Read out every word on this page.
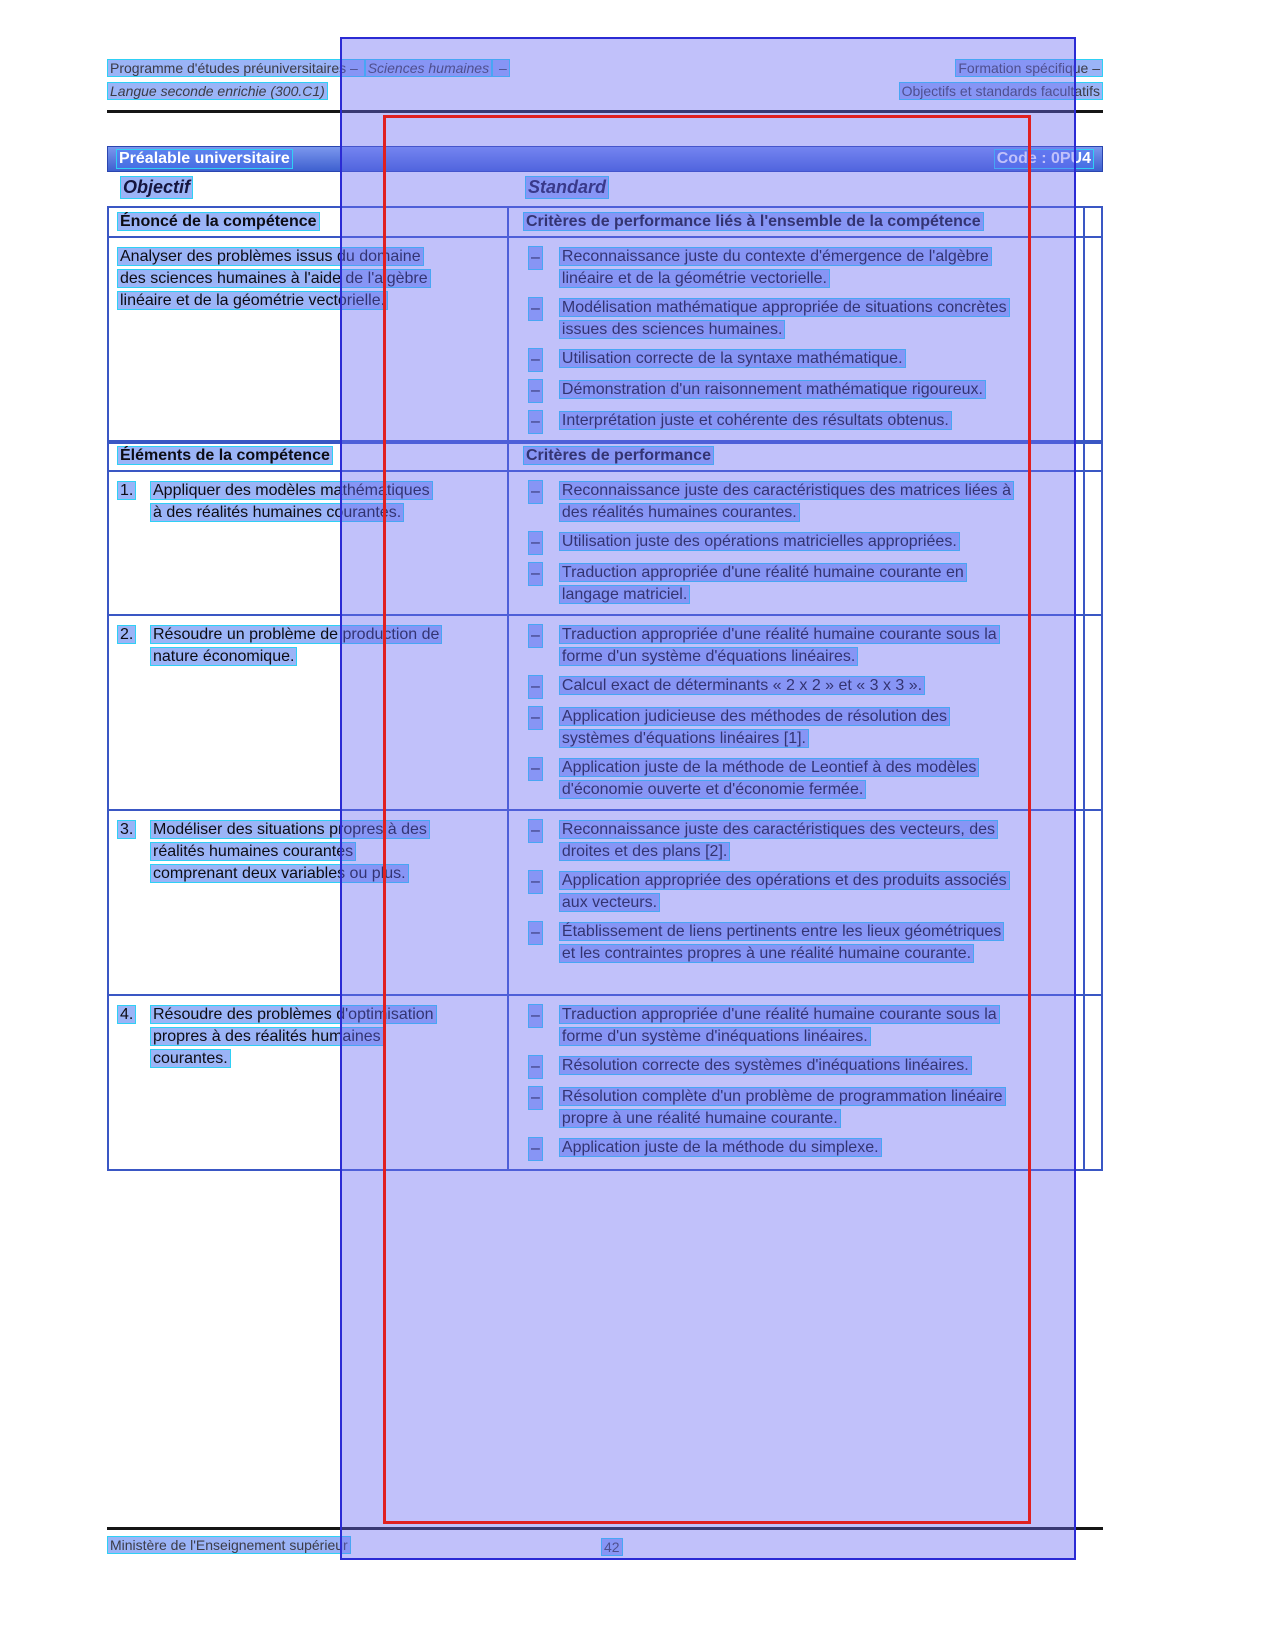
Programme d'études préuniversitaires – Sciences humaines –	Formation spécifique –
Langue seconde enrichie (300.C1)	Objectifs et standards facultatifs
Préalable universitaire	Code : 0PU4
Objectif	Standard
Énoncé de la compétence	Critères de performance liés à l'ensemble de la compétence
Analyser des problèmes issus du domaine des sciences humaines à l'aide de l'algèbre linéaire et de la géométrie vectorielle.
– Reconnaissance juste du contexte d'émergence de l'algèbre linéaire et de la géométrie vectorielle.
– Modélisation mathématique appropriée de situations concrètes issues des sciences humaines.
– Utilisation correcte de la syntaxe mathématique.
– Démonstration d'un raisonnement mathématique rigoureux.
– Interprétation juste et cohérente des résultats obtenus.
Éléments de la compétence	Critères de performance
1.	Appliquer des modèles mathématiques à des réalités humaines courantes.
– Reconnaissance juste des caractéristiques des matrices liées à des réalités humaines courantes.
– Utilisation juste des opérations matricielles appropriées.
– Traduction appropriée d'une réalité humaine courante en langage matriciel.
2.	Résoudre un problème de production de nature économique.
– Traduction appropriée d'une réalité humaine courante sous la forme d'un système d'équations linéaires.
– Calcul exact de déterminants « 2 x 2 » et « 3 x 3 ».
– Application judicieuse des méthodes de résolution des systèmes d'équations linéaires [1].
– Application juste de la méthode de Leontief à des modèles d'économie ouverte et d'économie fermée.
3.	Modéliser des situations propres à des réalités humaines courantes comprenant deux variables ou plus.
– Reconnaissance juste des caractéristiques des vecteurs, des droites et des plans [2].
– Application appropriée des opérations et des produits associés aux vecteurs.
– Établissement de liens pertinents entre les lieux géométriques et les contraintes propres à une réalité humaine courante.
4.	Résoudre des problèmes d'optimisation propres à des réalités humaines courantes.
– Traduction appropriée d'une réalité humaine courante sous la forme d'un système d'inéquations linéaires.
– Résolution correcte des systèmes d'inéquations linéaires.
– Résolution complète d'un problème de programmation linéaire propre à une réalité humaine courante.
– Application juste de la méthode du simplexe.
Ministère de l'Enseignement supérieur	42
